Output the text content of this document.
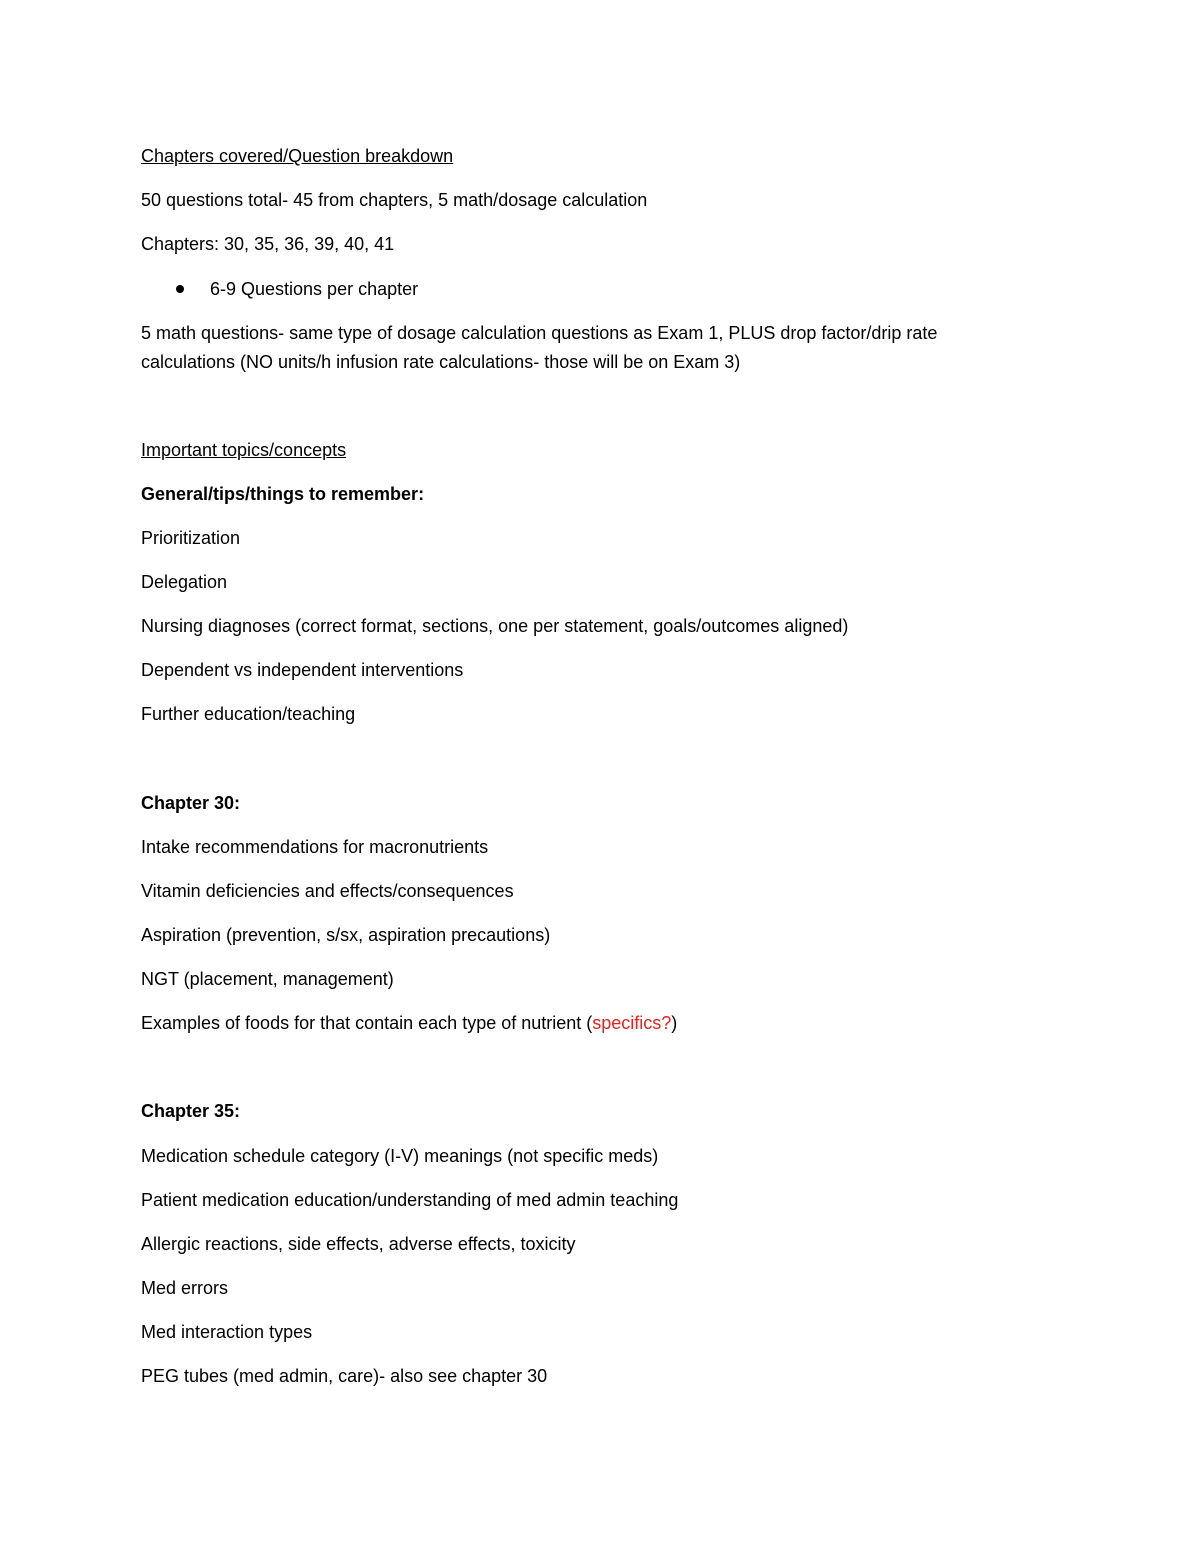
Chapters covered/Question breakdown
50 questions total- 45 from chapters, 5 math/dosage calculation
Chapters: 30, 35, 36, 39, 40, 41
6-9 Questions per chapter
5 math questions- same type of dosage calculation questions as Exam 1, PLUS drop factor/drip rate
calculations (NO units/h infusion rate calculations- those will be on Exam 3)
Important topics/concepts
General/tips/things to remember:
Prioritization
Delegation
Nursing diagnoses (correct format, sections, one per statement, goals/outcomes aligned)
Dependent vs independent interventions
Further education/teaching
Chapter 30:
Intake recommendations for macronutrients
Vitamin deficiencies and effects/consequences
Aspiration (prevention, s/sx, aspiration precautions)
NGT (placement, management)
Examples of foods for that contain each type of nutrient (specifics?)
Chapter 35:
Medication schedule category (I-V) meanings (not specific meds)
Patient medication education/understanding of med admin teaching
Allergic reactions, side effects, adverse effects, toxicity
Med errors
Med interaction types
PEG tubes (med admin, care)- also see chapter 30
